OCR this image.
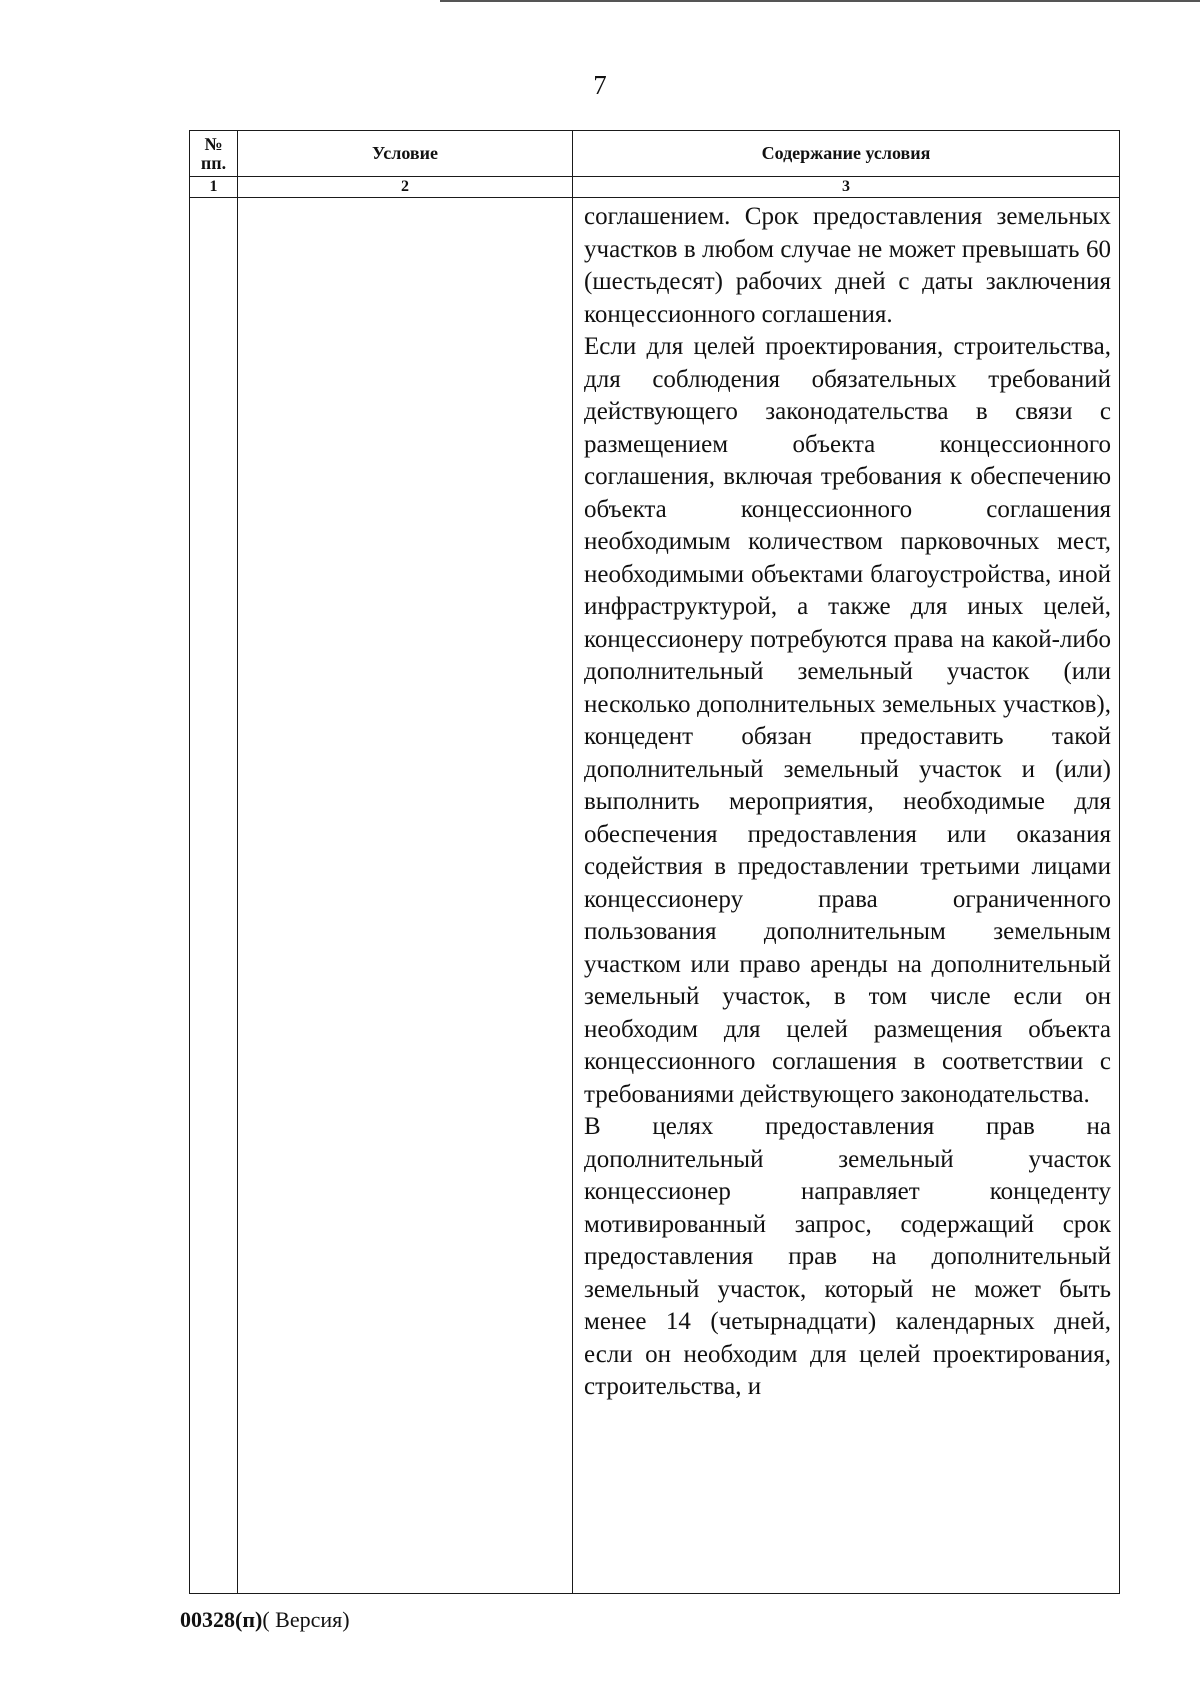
7
№ пп.	Условие	Содержание условия
1	2	3

		соглашением. Срок предоставления земельных участков в любом случае не может превышать 60 (шестьдесят) рабочих дней с даты заключения концессионного соглашения.

Если для целей проектирования, строительства, для соблюдения обязательных требований действующего законодательства в связи с размещением объекта концессионного соглашения, включая требования к обеспечению объекта концессионного соглашения необходимым количеством парковочных мест, необходимыми объектами благоустройства, иной инфраструктурой, а также для иных целей, концессионеру потребуются права на какой-либо дополнительный земельный участок (или несколько дополнительных земельных участков), концедент обязан предоставить такой дополнительный земельный участок и (или) выполнить мероприятия, необходимые для обеспечения предоставления или оказания содействия в предоставлении третьими лицами концессионеру права ограниченного пользования дополнительным земельным участком или право аренды на дополнительный земельный участок, в том числе если он необходим для целей размещения объекта концессионного соглашения в соответствии с требованиями действующего законодательства.

В целях предоставления прав на дополнительный земельный участок концессионер направляет концеденту мотивированный запрос, содержащий срок предоставления прав на дополнительный земельный участок, который не может быть менее 14 (четырнадцати) календарных дней, если он необходим для целей проектирования, строительства, и

00328(п)( Версия)
